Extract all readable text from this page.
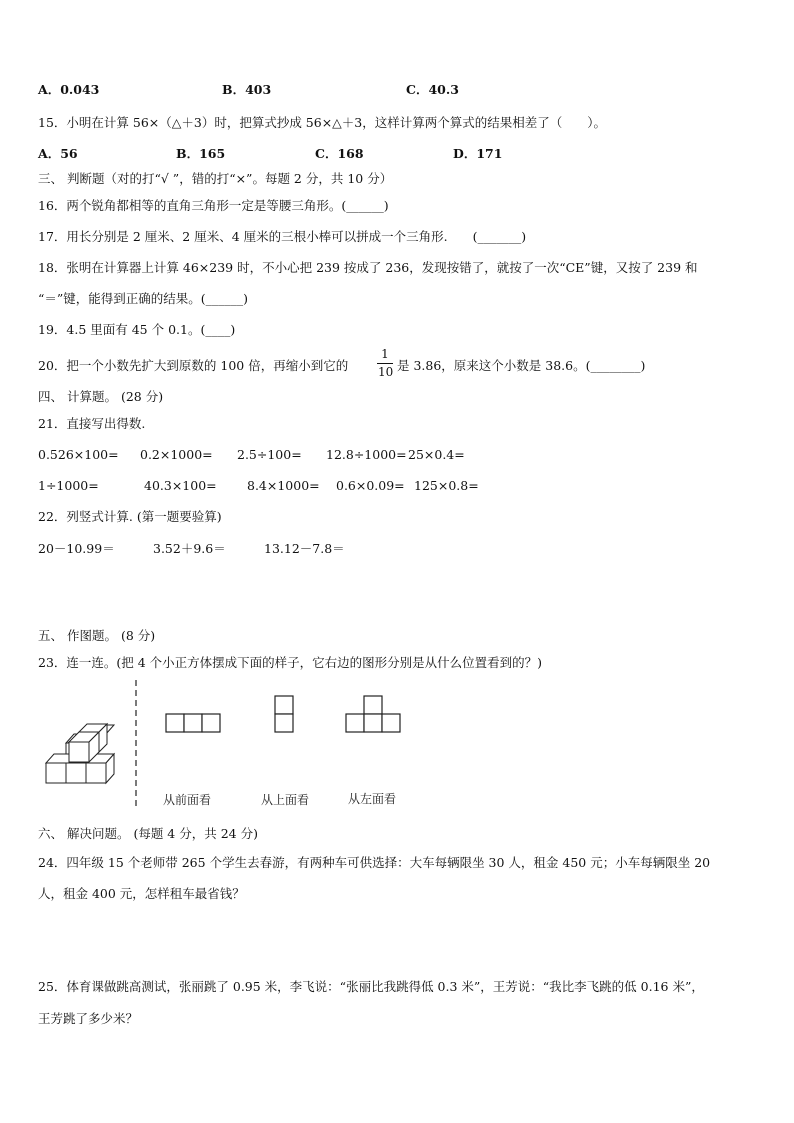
A．0.043	B．403	C．40.3
15．小明在计算 56×（△＋3）时，把算式抄成 56×△＋3，这样计算两个算式的结果相差了（　　）。
A．56	B．165	C．168	D．171
三、 判断题（对的打“√ ”，错的打“×”。每题 2 分，共 10 分）
16．两个锐角都相等的直角三角形一定是等腰三角形。(______)
17．用长分别是 2 厘米、2 厘米、4 厘米的三根小棒可以拼成一个三角形.　　(_______)
18．张明在计算器上计算 46×239 时，不小心把 239 按成了 236，发现按错了，就按了一次“CE”键，又按了 239 和
“＝”键，能得到正确的结果。(______)
19．4.5 里面有 45 个 0.1。(____)
20．把一个小数先扩大到原数的 100 倍，再缩小到它的
1
10 是 3.86，原来这个小数是 38.6。(________)
四、 计算题。 (28 分)
21．直接写出得数.
0.526×100= 0.2×1000= 2.5÷100= 12.8÷1000= 25×0.4=
1÷1000=	40.3×100= 8.4×1000= 0.6×0.09= 125×0.8=
22．列竖式计算. (第一题要验算)
20－10.99＝	3.52＋9.6＝	13.12－7.8＝
五、 作图题。 (8 分)
23．连一连。(把 4 个小正方体摆成下面的样子，它右边的图形分别是从什么位置看到的？)
从前面看	从上面看	从左面看
六、 解决问题。 (每题 4 分，共 24 分)
24．四年级 15 个老师带 265 个学生去春游，有两种车可供选择：大车每辆限坐 30 人，租金 450 元；小车每辆限坐 20
人，租金 400 元，怎样租车最省钱？
25．体育课做跳高测试，张丽跳了 0.95 米，李飞说：“张丽比我跳得低 0.3 米”，王芳说：“我比李飞跳的低 0.16 米”，
王芳跳了多少米？
